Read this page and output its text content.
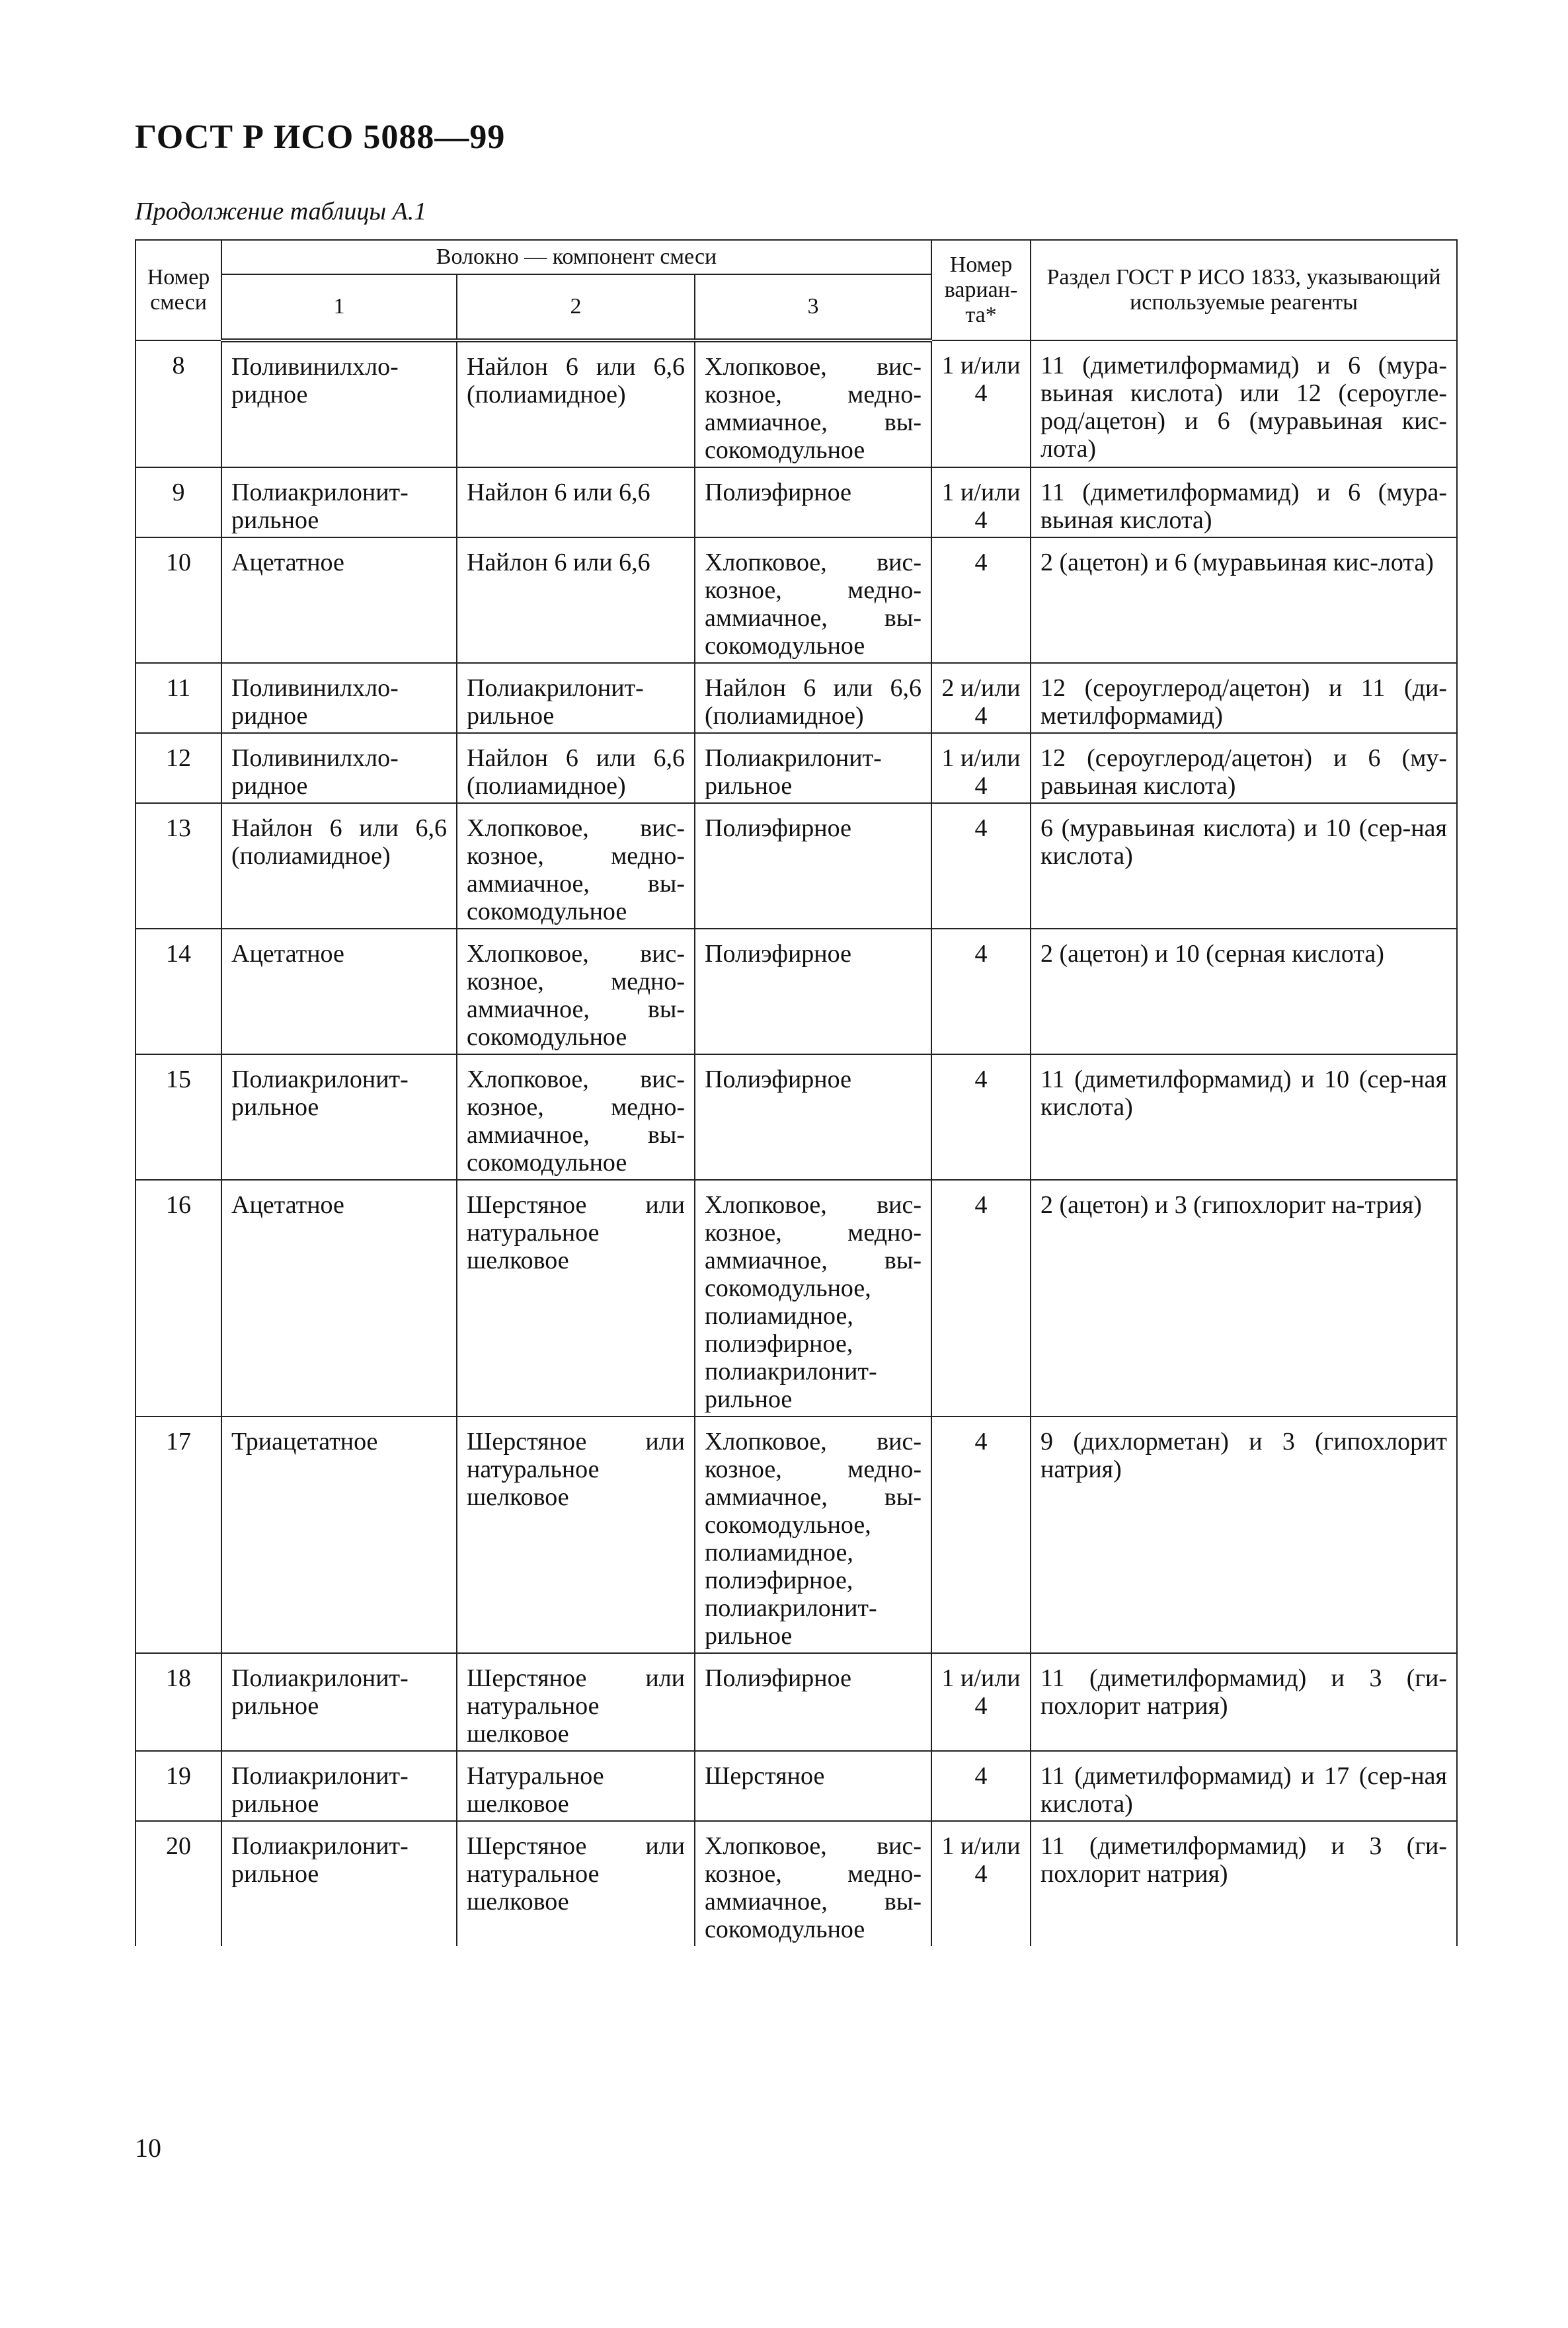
ГОСТ Р ИСО 5088—99
Продолжение таблицы А.1
Номер смеси	Волокно — компонент смеси			Номер вариан-та*	Раздел ГОСТ Р ИСО 1833, указывающий используемые реагенты
	1	2	3		
8	Поливинилхло-ридное	Найлон 6 или 6,6 (полиамидное)	Хлопковое, вис-козное, медно-аммиачное, вы-сокомодульное	1 и/или 4	11 (диметилформамид) и 6 (мура-вьиная кислота) или 12 (сероугле-род/ацетон) и 6 (муравьиная кис-лота)
9	Полиакрилонит-рильное	Найлон 6 или 6,6	Полиэфирное	1 и/или 4	11 (диметилформамид) и 6 (мура-вьиная кислота)
10	Ацетатное	Найлон 6 или 6,6	Хлопковое, вис-козное, медно-аммиачное, вы-сокомодульное	4	2 (ацетон) и 6 (муравьиная кис-лота)
11	Поливинилхло-ридное	Полиакрилонит-рильное	Найлон 6 или 6,6 (полиамидное)	2 и/или 4	12 (сероуглерод/ацетон) и 11 (ди-метилформамид)
12	Поливинилхло-ридное	Найлон 6 или 6,6 (полиамидное)	Полиакрилонит-рильное	1 и/или 4	12 (сероуглерод/ацетон) и 6 (му-равьиная кислота)
13	Найлон 6 или 6,6 (полиамидное)	Хлопковое, вис-козное, медно-аммиачное, вы-сокомодульное	Полиэфирное	4	6 (муравьиная кислота) и 10 (сер-ная кислота)
14	Ацетатное	Хлопковое, вис-козное, медно-аммиачное, вы-сокомодульное	Полиэфирное	4	2 (ацетон) и 10 (серная кислота)
15	Полиакрилонит-рильное	Хлопковое, вис-козное, медно-аммиачное, вы-сокомодульное	Полиэфирное	4	11 (диметилформамид) и 10 (сер-ная кислота)
16	Ацетатное	Шерстяное или натуральное шелковое	Хлопковое, вис-козное, медно-аммиачное, вы-сокомодульное, полиамидное, полиэфирное, полиакрилонит-рильное	4	2 (ацетон) и 3 (гипохлорит на-трия)
17	Триацетатное	Шерстяное или натуральное шелковое	Хлопковое, вис-козное, медно-аммиачное, вы-сокомодульное, полиамидное, полиэфирное, полиакрилонит-рильное	4	9 (дихлорметан) и 3 (гипохлорит натрия)
18	Полиакрилонит-рильное	Шерстяное или натуральное шелковое	Полиэфирное	1 и/или 4	11 (диметилформамид) и 3 (ги-похлорит натрия)
19	Полиакрилонит-рильное	Натуральное шелковое	Шерстяное	4	11 (диметилформамид) и 17 (сер-ная кислота)
20	Полиакрилонит-рильное	Шерстяное или натуральное шелковое	Хлопковое, вис-козное, медно-аммиачное, вы-сокомодульное	1 и/или 4	11 (диметилформамид) и 3 (ги-похлорит натрия)
10
